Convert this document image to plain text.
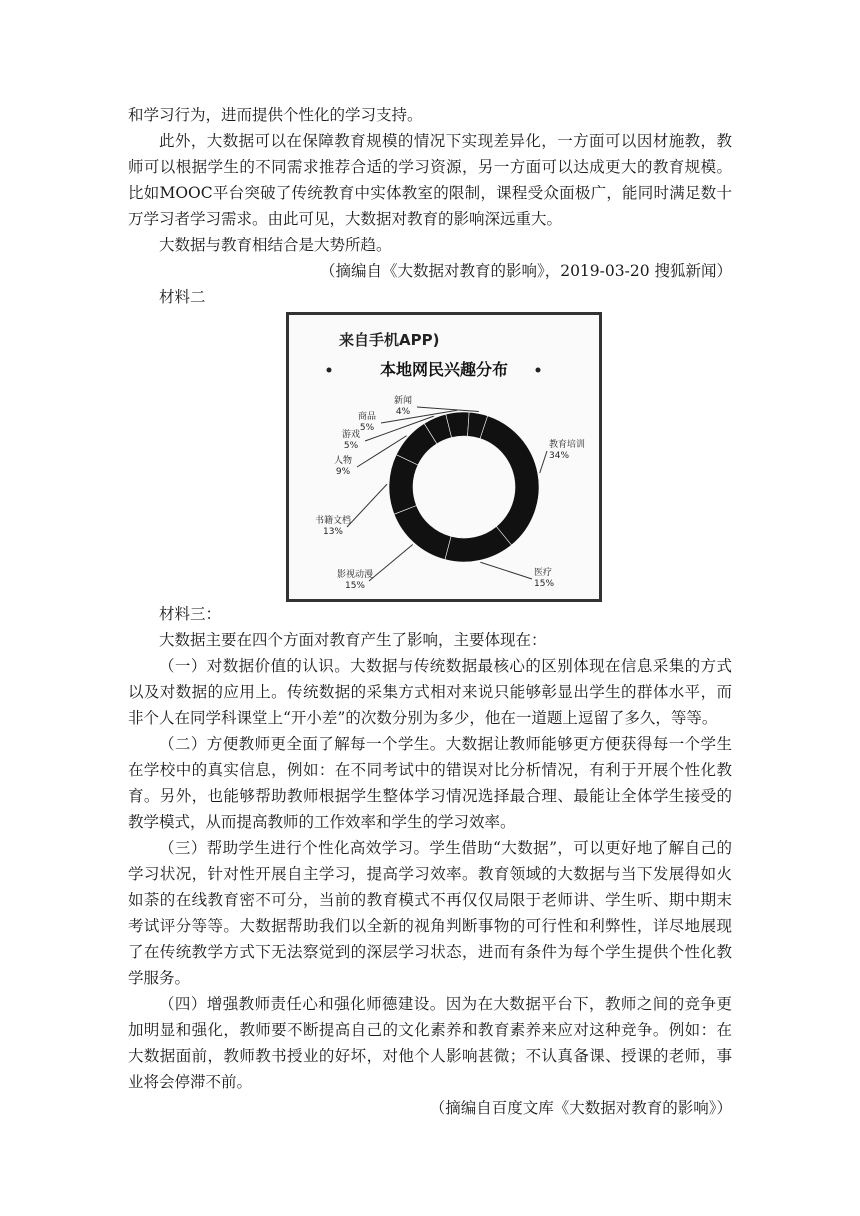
和学习行为，进而提供个性化的学习支持。

此外，大数据可以在保障教育规模的情况下实现差异化，一方面可以因材施教，教师可以根据学生的不同需求推荐合适的学习资源，另一方面可以达成更大的教育规模。比如MOOC平台突破了传统教育中实体教室的限制，课程受众面极广，能同时满足数十万学习者学习需求。由此可见，大数据对教育的影响深远重大。

大数据与教育相结合是大势所趋。

（摘编自《大数据对教育的影响》，2019-03-20 搜狐新闻）

材料二

来自手机APP)
本地网民兴趣分布
教育培训
34%
医疗
15%
影视动漫
15%
书籍文档
13%
人物
9%
游戏
5%
商品
5%
新闻
4%

材料三：

大数据主要在四个方面对教育产生了影响，主要体现在：

（一）对数据价值的认识。大数据与传统数据最核心的区别体现在信息采集的方式以及对数据的应用上。传统数据的采集方式相对来说只能够彰显出学生的群体水平，而非个人在同学科课堂上“开小差”的次数分别为多少，他在一道题上逗留了多久，等等。

（二）方便教师更全面了解每一个学生。大数据让教师能够更方便获得每一个学生在学校中的真实信息，例如：在不同考试中的错误对比分析情况，有利于开展个性化教育。另外，也能够帮助教师根据学生整体学习情况选择最合理、最能让全体学生接受的教学模式，从而提高教师的工作效率和学生的学习效率。

（三）帮助学生进行个性化高效学习。学生借助“大数据”，可以更好地了解自己的学习状况，针对性开展自主学习，提高学习效率。教育领域的大数据与当下发展得如火如荼的在线教育密不可分，当前的教育模式不再仅仅局限于老师讲、学生听、期中期末考试评分等等。大数据帮助我们以全新的视角判断事物的可行性和利弊性，详尽地展现了在传统教学方式下无法察觉到的深层学习状态，进而有条件为每个学生提供个性化教学服务。

（四）增强教师责任心和强化师德建设。因为在大数据平台下，教师之间的竞争更加明显和强化，教师要不断提高自己的文化素养和教育素养来应对这种竞争。例如：在大数据面前，教师教书授业的好坏，对他个人影响甚微；不认真备课、授课的老师，事业将会停滞不前。

（摘编自百度文库《大数据对教育的影响》）
